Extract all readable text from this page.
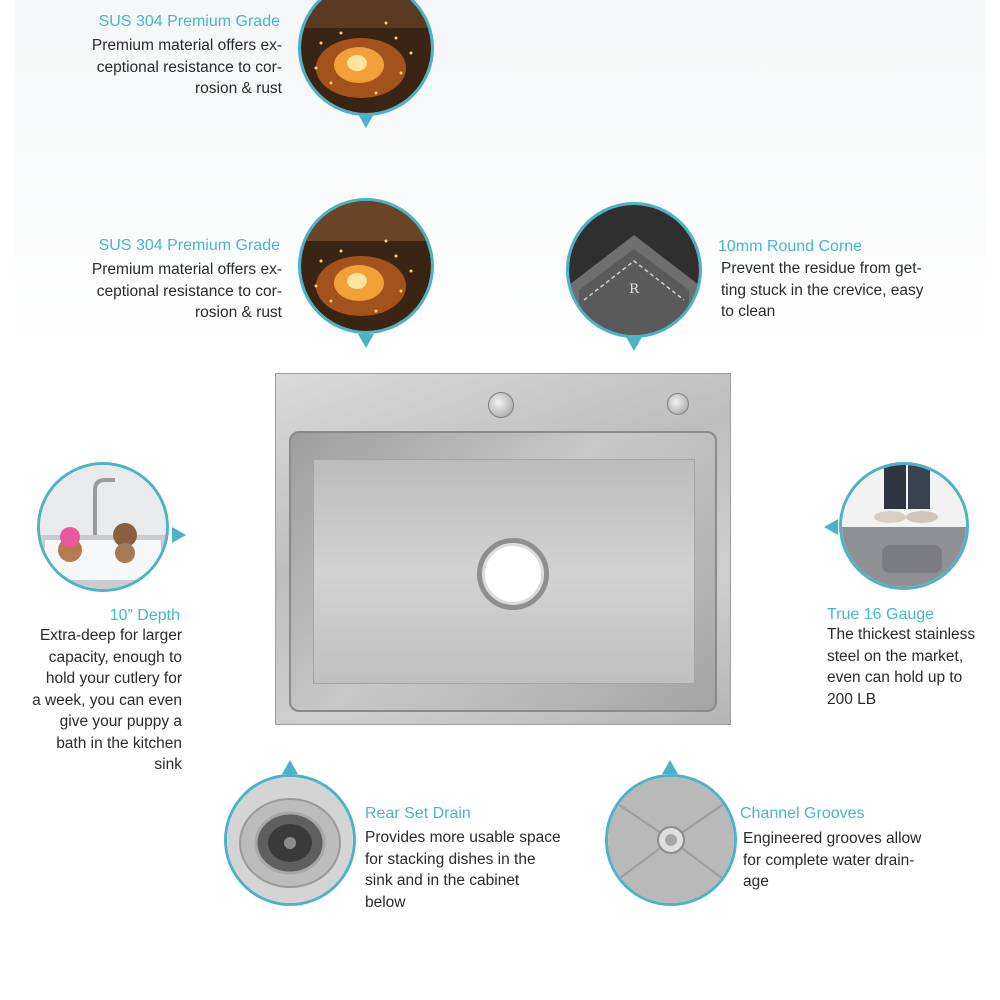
SUS 304 Premium Grade
Premium material offers ex-
ceptional resistance to cor-
rosion & rust
SUS 304 Premium Grade
Premium material offers ex-
ceptional resistance to cor-
rosion & rust
R
10mm Round Corne
Prevent the residue from get-
ting stuck in the crevice, easy
to clean
10” Depth
Extra-deep for larger
capacity, enough to
hold your cutlery for
a week, you can even
give your puppy a
bath in the kitchen
sink
True 16 Gauge
The thickest stainless
steel on the market,
even can hold up to
200 LB
Rear Set Drain
Provides more usable space
for stacking dishes in the
sink and in the cabinet
below
Channel Grooves
Engineered grooves allow
for complete water drain-
age
